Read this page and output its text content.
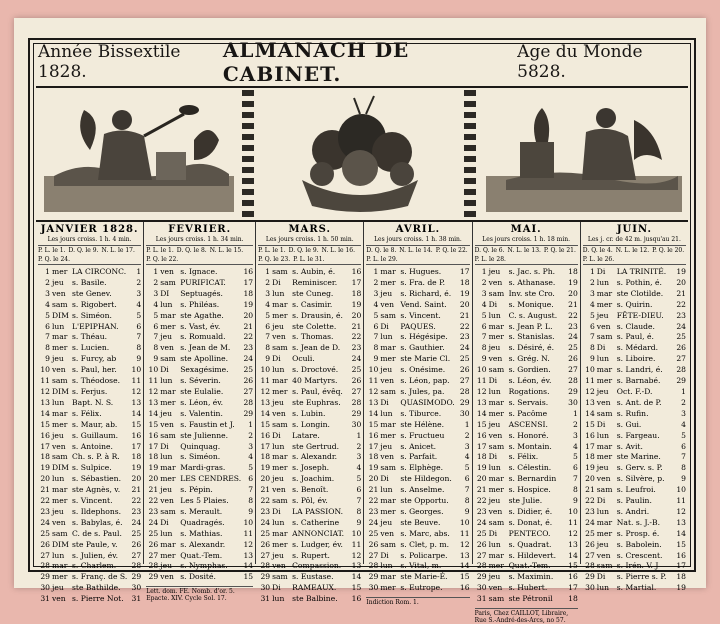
Année Bissextile 1828.
ALMANACH DE CABINET.
Age du Monde 5828.
JANVIER 1828.
Les jours croiss. 1 h. 4 min.
P. L. le 1. D. Q. le 9. N. L. le 17.
P. Q. le 24.
1 mer LA CIRCONC.	1
2 jeu	s. Basile.	2
3 ven ste Genev.	3
4 sam s. Rigobert.	4
5 DIM s. Siméon.	5
6 lun	L'EPIPHAN.	6
7 mar s. Théau.	7
8 mer s. Lucien.	8
9 jeu	s. Furcy, ab	9
10 ven s. Paul, her.	10
11 sam s. Théodose.	11
12 DIM s. Ferjus.	12
13 lun	Bapt. N. S.	13
14 mar s. Félix.	14
15 mer s. Maur, ab.	15
16 jeu	s. Guillaum.	16
17 ven s. Antoine.	17
18 sam Ch. s. P. à R.	18
19 DIM s. Sulpice.	19
20 lun	s. Sébastien.	20
21 mar ste Agnès, v.	21
22 mer s. Vincent.	22
23 jeu	s. Ildephons.	23
24 ven s. Babylas, é.	24
25 sam C. de s. Paul.	25
26 DIM ste Paule, v.	26
27 lun	s. Julien, év.	27
28 mar s. Charlem.	28
29 mer s. Franç. de S. 29
30 jeu	ste Bathilde.	30
31 ven s. Pierre Not.	31
FEVRIER.
Les jours croiss. 1 h. 34 min.
P. L. le 1. D. Q. le 8. N. L. le 15.
P. Q. le 22.
1 ven s. Ignace.	16
2 sam PURIFICAT.	17
3 DI	Septuagés.	18
4 lun	s. Philéas.	19
5 mar ste Agathe.	20
6 mer s. Vast, év.	21
7 jeu	s. Romuald.	22
8 ven s. Jean de M.	23
9 sam ste Apolline.	24
10 Di	Sexagésime.	25
11 lun	s. Séverin.	26
12 mar ste Eulalie.	27
13 mer s. Léon, év.	28
14 jeu	s. Valentin.	29
15 ven s. Faustin et J.	1
16 sam ste Julienne.	2
17 Di	Quinquag.	3
18 lun	s. Siméon.	4
19 mar Mardi-gras.	5
20 mer LES CENDRES. 6
21 jeu	s. Pépin.	7
22 ven Les 5 Plaies.	8
23 sam s. Merault.	9
24 Di	Quadragés.	10
25 lun	s. Mathias.	11
26 mar s. Alexandr.	12
27 mer Quat.-Tem.	13
28 jeu	s. Nymphas.	14
29 ven s. Dosité.	15
Lett. dom. FE. Nomb. d'or. 5. Epacte. XIV. Cycle Sol. 17.
MARS.
Les jours croiss. 1 h. 50 min.
P. L. le 1. D. Q. le 9. N. L. le 16.
P. Q. le 23. P. L. le 31.
1 sam s. Aubin, é.	16
2 Di	Reminiscer.	17
3 lun	ste Cuneg.	18
4 mar s. Casimir.	19
5 mer s. Drausin, é.	20
6 jeu	ste Colette.	21
7 ven s. Thomas.	22
8 sam s. Jean de D.	23
9 Di	Oculi.	24
10 lun	s. Droctové.	25
11 mar 40 Martyrs.	26
12 mer s. Paul, évêq.	27
13 jeu	ste Euphras.	28
14 ven s. Lubin.	29
15 sam s. Longin.	30
16 Di	Latare.	1
17 lun	ste Gertrud.	2
18 mar s. Alexandr.	3
19 mer s. Joseph.	4
20 jeu	s. Joachim.	5
21 ven s. Benoît.	6
22 sam s. Pôl, év.	7
23 Di	LA PASSION.	8
24 lun	s. Catherine	9
25 mar ANNONCIAT.	10
26 mer s. Ludger, év.	11
27 jeu	s. Rupert.	12
28 ven Compassion.	13
29 sam s. Eustase.	14
30 Di	RAMEAUX.	15
31 lun	ste Balbine.	16
AVRIL.
Les jours croiss. 1 h. 38 min.
D. Q. le 8. N. L. le 14. P. Q. le 22.
P. L. le 29.
1 mar s. Hugues.	17
2 mer s. Fra. de P.	18
3 jeu	s. Richard, é.	19
4 ven Vend. Saint.	20
5 sam s. Vincent.	21
6 Di	PAQUES.	22
7 lun	s. Hégésipe.	23
8 mar s. Gauthier.	24
9 mer ste Marie Cl.	25
10 jeu	s. Onésime.	26
11 ven s. Léon, pap.	27
12 sam s. Jules, pa.	28
13 Di	QUASIMODO. 29
14 lun	s. Tiburce.	30
15 mar ste Hélène.	1
16 mer s. Fructueu	2
17 jeu	s. Anicet.	3
18 ven s. Parfait.	4
19 sam s. Elphège.	5
20 Di	ste Hildegon.	6
21 lun	s. Anselme.	7
22 mar ste Opportu.	8
23 mer s. Georges.	9
24 jeu	ste Beuve.	10
25 ven s. Marc, abs.	11
26 sam s. Clet, p. m.	12
27 Di	s. Policarpe.	13
28 lun	s. Vital, m.	14
29 mar ste Marie-É.	15
30 mer s. Eutrope.	16
Indiction Rom. 1.
MAI.
Les jours croiss. 1 h. 18 min.
D. Q. le 6. N. L. le 13. P. Q. le 21.
P. L. le 28.
1 jeu	s. Jac. s. Ph.	18
2 ven s. Athanase.	19
3 sam Inv. ste Cro.	20
4 Di	s. Monique.	21
5 lun	C. s. August.	22
6 mar s. Jean P. L.	23
7 mer s. Stanislas.	24
8 jeu	s. Désiré, é.	25
9 ven s. Grég. N.	26
10 sam s. Gordien.	27
11 Di	s. Léon, év.	28
12 lun	Rogations.	29
13 mar s. Servais.	30
14 mer s. Pacôme	1
15 jeu	ASCENSI.	2
16 ven s. Honoré.	3
17 sam s. Montain.	4
18 Di	s. Félix.	5
19 lun	s. Célestin.	6
20 mar s. Bernardin	7
21 mer s. Hospice.	8
22 jeu	ste Julie.	9
23 ven s. Didier, é.	10
24 sam s. Donat, é.	11
25 Di	PENTECO.	12
26 lun	s. Quadrat.	13
27 mar s. Hildevert.	14
28 mer Quat.-Tem.	15
29 jeu	s. Maximin.	16
30 ven s. Hubert.	17
31 sam ste Pétronil	18
Paris, Chez CAILLOT, Libraire, Rue S.-André-des-Arcs, no 57.
JUIN.
Les j. cr. de 42 m. jusqu'au 21.
D. Q. le 4. N. L. le 12. P. Q. le 20.
P. L. le 26.
1 Di	LA TRINITÉ.	19
2 lun	s. Pothin, é.	20
3 mar ste Clotilde.	21
4 mer s. Quirin.	22
5 jeu	FÊTE-DIEU.	23
6 ven s. Claude.	24
7 sam s. Paul, é.	25
8 Di	s. Médard.	26
9 lun	s. Liboire.	27
10 mar s. Landri, é.	28
11 mer s. Barnabé.	29
12 jeu	Oct. F.-D.	1
13 ven s. Ant. de P.	2
14 sam s. Rufin.	3
15 Di	s. Gui.	4
16 lun	s. Fargeau.	5
17 mar s. Avit.	6
18 mer ste Marine.	7
19 jeu	s. Gerv. s. P.	8
20 ven s. Silvère, p.	9
21 sam s. Leufroi.	10
22 Di	s. Paulin.	11
23 lun	s. Andri.	12
24 mar Nat. s. J.-B.	13
25 mer s. Prosp. é.	14
26 jeu	s. Babolein.	15
27 ven s. Crescent.	16
28 sam s. Irén. V. J	17
29 Di	s. Pierre s. P.	18
30 lun	s. Martial.	19
